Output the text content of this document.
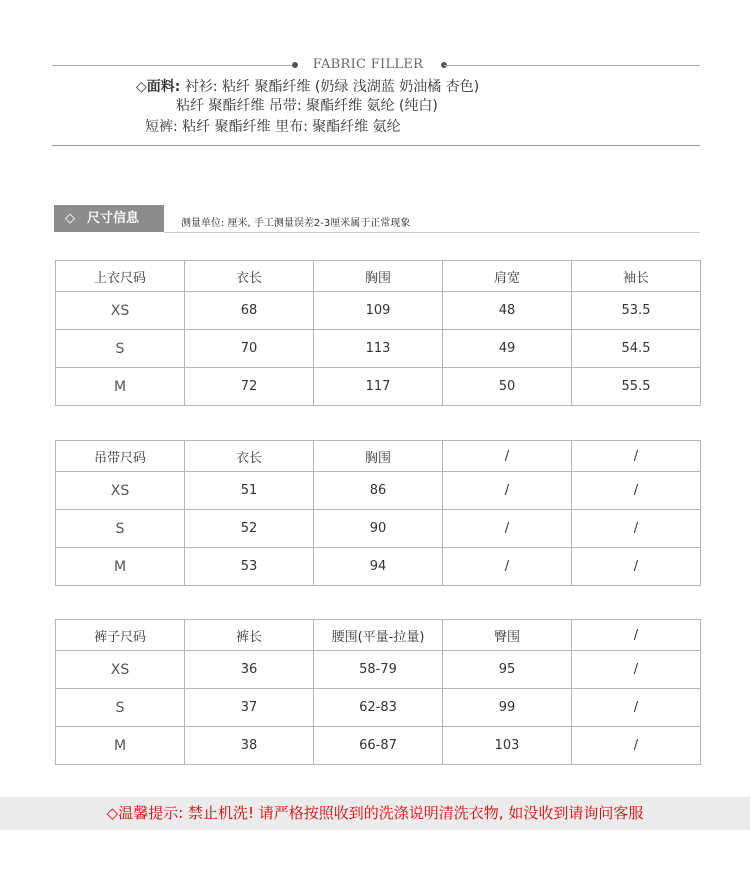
FABRIC FILLER
◇面料: 衬衫: 粘纤 聚酯纤维 (奶绿 浅湖蓝 奶油橘 杏色)
粘纤 聚酯纤维 吊带: 聚酯纤维 氨纶 (纯白)
短裤: 粘纤 聚酯纤维 里布: 聚酯纤维 氨纶
◇ 尺寸信息	测量单位: 厘米, 手工测量误差2-3厘米属于正常现象
上衣尺码	衣长	胸围	肩宽	袖长
XS	68	109	48	53.5
S	70	113	49	54.5
M	72	117	50	55.5
吊带尺码	衣长	胸围	/	/
XS	51	86	/	/
S	52	90	/	/
M	53	94	/	/
裤子尺码	裤长	腰围(平量-拉量)	臀围	/
XS	36	58-79	95	/
S	37	62-83	99	/
M	38	66-87	103	/
◇温馨提示: 禁止机洗! 请严格按照收到的洗涤说明清洗衣物, 如没收到请询问客服
